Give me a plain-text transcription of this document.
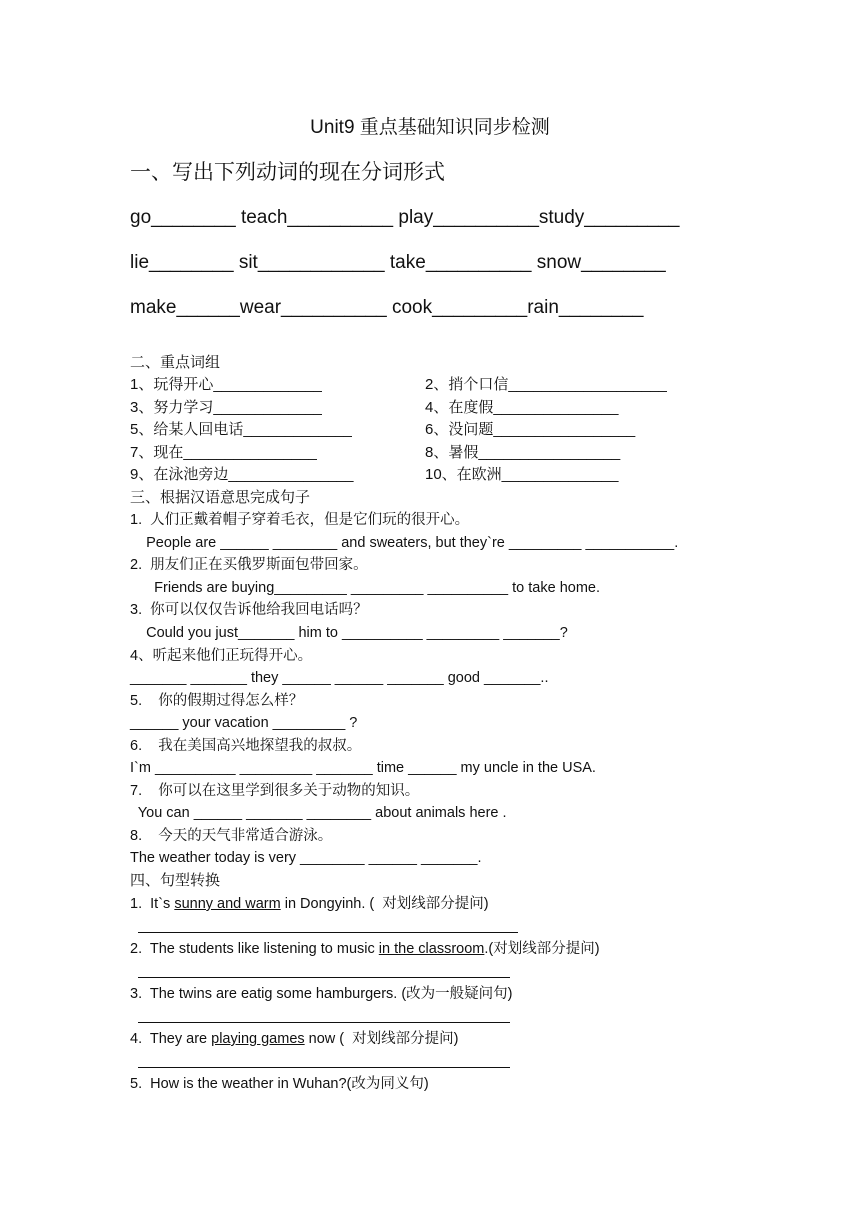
Unit9 重点基础知识同步检测
一、写出下列动词的现在分词形式
go________ teach__________ play__________study_________
lie________ sit____________ take__________ snow________
make______wear__________ cook_________rain________
二、重点词组
1、玩得开心_____________	2、捎个口信___________________
3、努力学习_____________	4、在度假_______________
5、给某人回电话_____________	6、没问题_________________
7、现在________________	8、暑假_________________
9、在泳池旁边_______________	10、在欧洲______________
三、根据汉语意思完成句子
1.  人们正戴着帽子穿着毛衣，但是它们玩的很开心。
People are ______ ________ and sweaters, but they`re _________ ___________.
2.  朋友们正在买俄罗斯面包带回家。
Friends are buying_________ _________ __________ to take home.
3.  你可以仅仅告诉他给我回电话吗？
Could you just_______ him to __________ _________ _______?
4、听起来他们正玩得开心。
_______ _______ they ______ ______ _______ good _______..
5.    你的假期过得怎么样？
______ your vacation _________ ?
6.    我在美国高兴地探望我的叔叔。
I`m __________ _________ _______ time ______ my uncle in the USA.
7.    你可以在这里学到很多关于动物的知识。
You can ______ _______ ________ about animals here .
8.    今天的天气非常适合游泳。
The weather today is very ________ ______ _______.
四、句型转换
1.  It`s sunny and warm in Dongyinh. (  对划线部分提问)
2.  The students like listening to music in the classroom.(对划线部分提问)
3.  The twins are eatig some hamburgers. (改为一般疑问句)
4.  They are playing games now (  对划线部分提问)
5.  How is the weather in Wuhan?(改为同义句)
